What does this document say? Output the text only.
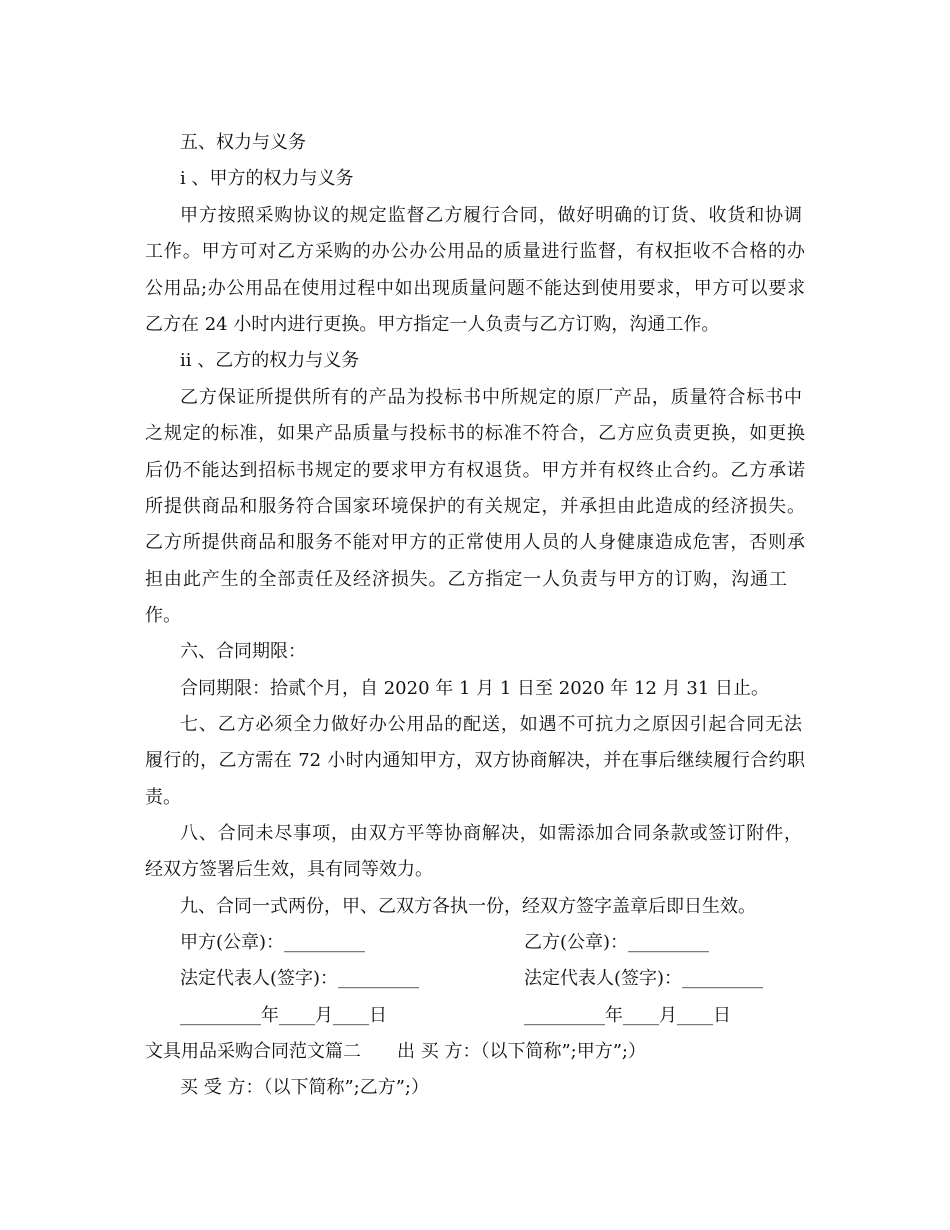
五、权力与义务
ⅰ 、甲方的权力与义务
甲方按照采购协议的规定监督乙方履行合同，做好明确的订货、收货和协调
工作。甲方可对乙方采购的办公办公用品的质量进行监督，有权拒收不合格的办
公用品;办公用品在使用过程中如出现质量问题不能达到使用要求，甲方可以要求
乙方在 24 小时内进行更换。甲方指定一人负责与乙方订购，沟通工作。
ⅱ 、乙方的权力与义务
乙方保证所提供所有的产品为投标书中所规定的原厂产品，质量符合标书中
之规定的标准，如果产品质量与投标书的标准不符合，乙方应负责更换，如更换
后仍不能达到招标书规定的要求甲方有权退货。甲方并有权终止合约。乙方承诺
所提供商品和服务符合国家环境保护的有关规定，并承担由此造成的经济损失。
乙方所提供商品和服务不能对甲方的正常使用人员的人身健康造成危害，否则承
担由此产生的全部责任及经济损失。乙方指定一人负责与甲方的订购，沟通工
作。
六、合同期限：
合同期限：拾贰个月，自 2020 年 1 月 1 日至 2020 年 12 月 31 日止。
七、乙方必须全力做好办公用品的配送，如遇不可抗力之原因引起合同无法
履行的，乙方需在 72 小时内通知甲方，双方协商解决，并在事后继续履行合约职
责。
八、合同未尽事项，由双方平等协商解决，如需添加合同条款或签订附件，
经双方签署后生效，具有同等效力。
九、合同一式两份，甲、乙双方各执一份，经双方签字盖章后即日生效。
甲方(公章)：_________	乙方(公章)：_________
法定代表人(签字)：_________	法定代表人(签字)：_________
_________年____月____日	_________年____月____日
文具用品采购合同范文篇二　　出 买 方：（以下简称”;甲方”;）
买 受 方：（以下简称”;乙方”;）
